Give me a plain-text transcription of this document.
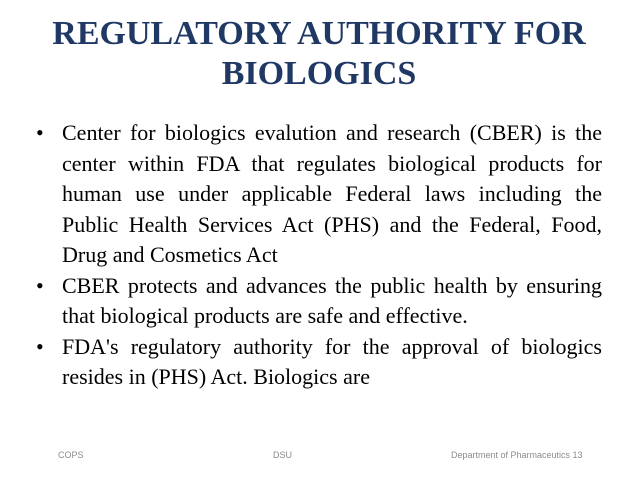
REGULATORY AUTHORITY FOR
BIOLOGICS
• Center for biologics evalution and research (CBER) is the center within FDA that regulates biological products for human use under applicable Federal laws including the Public Health Services Act (PHS) and the Federal, Food, Drug and Cosmetics Act
• CBER protects and advances the public health by ensuring that biological products are safe and effective.
• FDA's regulatory authority for the approval of biologics resides in (PHS) Act. Biologics are
COPS	DSU	Department of Pharmaceutics 13
